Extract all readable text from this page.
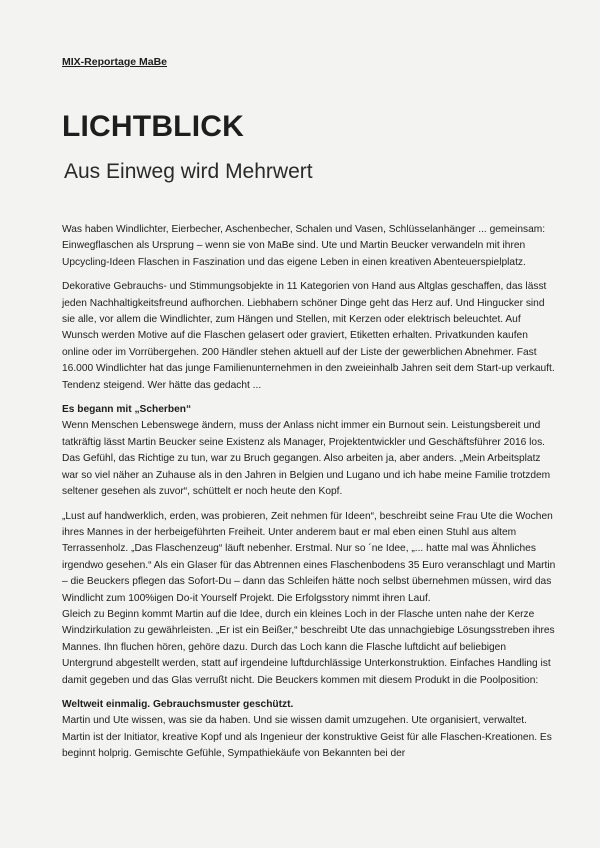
MIX-Reportage MaBe
LICHTBLICK
Aus Einweg wird Mehrwert

Was haben Windlichter, Eierbecher, Aschenbecher, Schalen und Vasen, Schlüsselanhänger ... gemeinsam: Einwegflaschen als Ursprung – wenn sie von MaBe sind. Ute und Martin Beucker verwandeln mit ihren Upcycling-Ideen Flaschen in Faszination und das eigene Leben in einen kreativen Abenteuerspielplatz.

Dekorative Gebrauchs- und Stimmungsobjekte in 11 Kategorien von Hand aus Altglas geschaffen, das lässt jeden Nachhaltigkeitsfreund aufhorchen. Liebhabern schöner Dinge geht das Herz auf. Und Hingucker sind sie alle, vor allem die Windlichter, zum Hängen und Stellen, mit Kerzen oder elektrisch beleuchtet. Auf Wunsch werden Motive auf die Flaschen gelasert oder graviert, Etiketten erhalten. Privatkunden kaufen online oder im Vorrübergehen. 200 Händler stehen aktuell auf der Liste der gewerblichen Abnehmer. Fast 16.000 Windlichter hat das junge Familienunternehmen in den zweieinhalb Jahren seit dem Start-up verkauft. Tendenz steigend. Wer hätte das gedacht ...

Es begann mit „Scherben“

Wenn Menschen Lebenswege ändern, muss der Anlass nicht immer ein Burnout sein. Leistungsbereit und tatkräftig lässt Martin Beucker seine Existenz als Manager, Projektentwickler und Geschäftsführer 2016 los. Das Gefühl, das Richtige zu tun, war zu Bruch gegangen. Also arbeiten ja, aber anders. „Mein Arbeitsplatz war so viel näher an Zuhause als in den Jahren in Belgien und Lugano und ich habe meine Familie trotzdem seltener gesehen als zuvor“, schüttelt er noch heute den Kopf.

„Lust auf handwerklich, erden, was probieren, Zeit nehmen für Ideen“, beschreibt seine Frau Ute die Wochen ihres Mannes in der herbeigeführten Freiheit. Unter anderem baut er mal eben einen Stuhl aus altem Terrassenholz. „Das Flaschenzeug“ läuft nebenher. Erstmal. Nur so ´ne Idee, „... hatte mal was Ähnliches irgendwo gesehen.“ Als ein Glaser für das Abtrennen eines Flaschenbodens 35 Euro veranschlagt und Martin – die Beuckers pflegen das Sofort-Du – dann das Schleifen hätte noch selbst übernehmen müssen, wird das Windlicht zum 100%igen Do-it Yourself Projekt. Die Erfolgsstory nimmt ihren Lauf.

Gleich zu Beginn kommt Martin auf die Idee, durch ein kleines Loch in der Flasche unten nahe der Kerze Windzirkulation zu gewährleisten. „Er ist ein Beißer,“ beschreibt Ute das unnachgiebige Lösungsstreben ihres Mannes. Ihn fluchen hören, gehöre dazu. Durch das Loch kann die Flasche luftdicht auf beliebigen Untergrund abgestellt werden, statt auf irgendeine luftdurchlässige Unterkonstruktion. Einfaches Handling ist damit gegeben und das Glas verrußt nicht. Die Beuckers kommen mit diesem Produkt in die Poolposition:

Weltweit einmalig. Gebrauchsmuster geschützt.

Martin und Ute wissen, was sie da haben. Und sie wissen damit umzugehen. Ute organisiert, verwaltet. Martin ist der Initiator, kreative Kopf und als Ingenieur der konstruktive Geist für alle Flaschen-Kreationen. Es beginnt holprig. Gemischte Gefühle, Sympathiekäufe von Bekannten bei der
